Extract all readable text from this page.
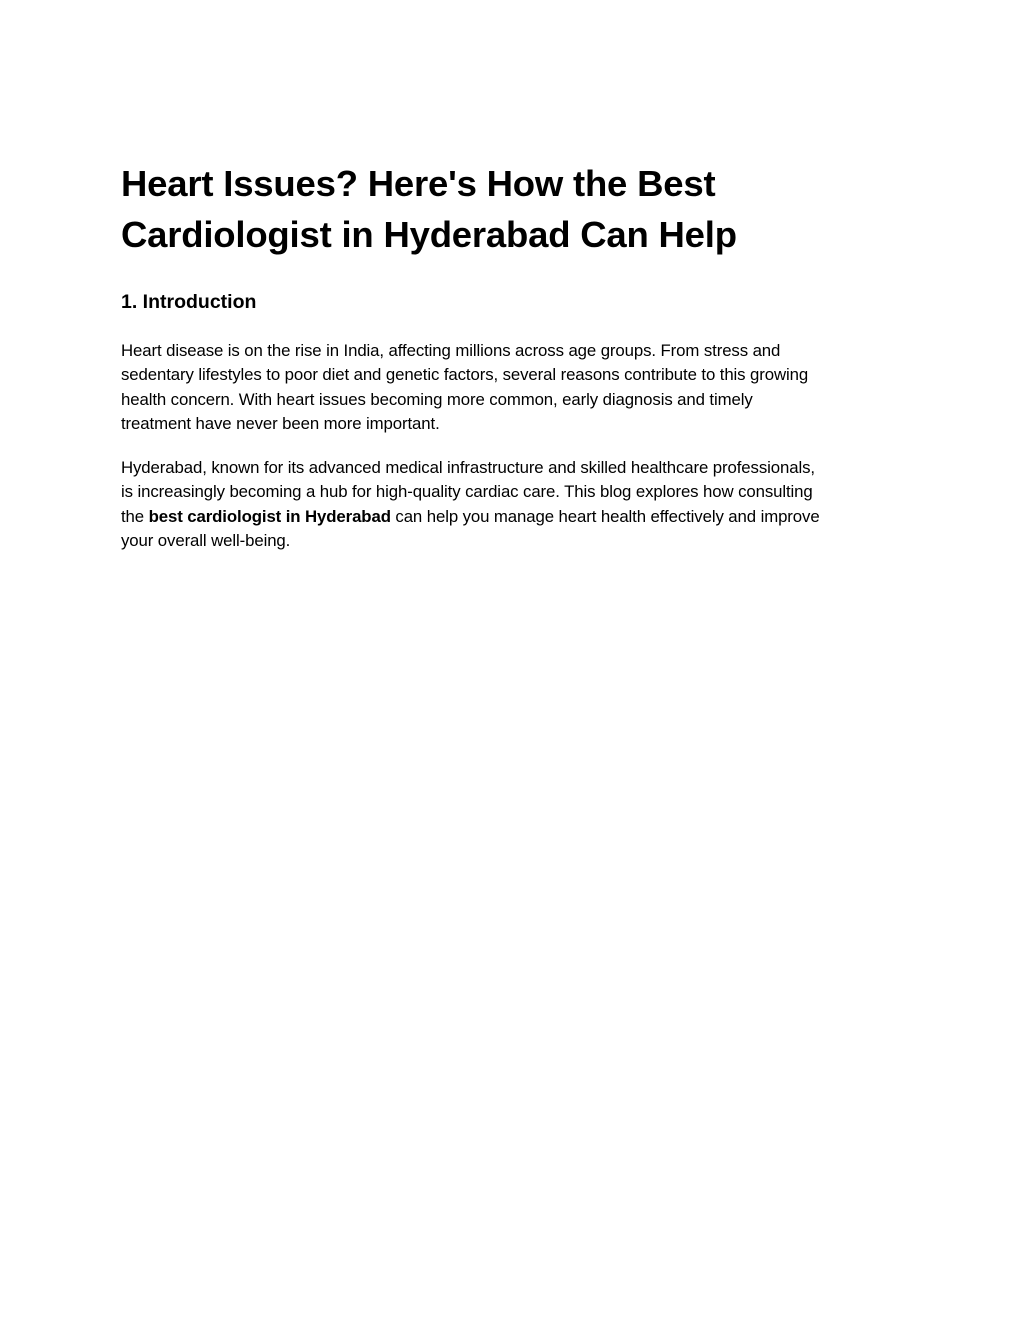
Heart Issues? Here's How the Best
Cardiologist in Hyderabad Can Help
1. Introduction

Heart disease is on the rise in India, affecting millions across age groups. From stress and
sedentary lifestyles to poor diet and genetic factors, several reasons contribute to this growing
health concern. With heart issues becoming more common, early diagnosis and timely
treatment have never been more important.

Hyderabad, known for its advanced medical infrastructure and skilled healthcare professionals,
is increasingly becoming a hub for high-quality cardiac care. This blog explores how consulting
the best cardiologist in Hyderabad can help you manage heart health effectively and improve
your overall well-being.
